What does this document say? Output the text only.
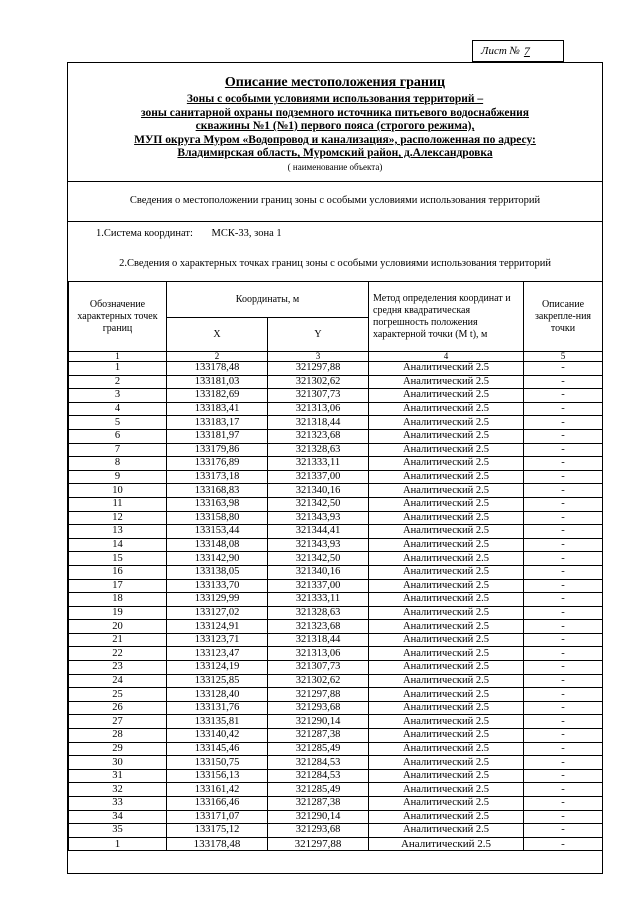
Лист № 7
Описание местоположения границ
Зоны с особыми условиями использования территорий –
зоны санитарной охраны подземного источника питьевого водоснабжения
скважины №1 (№1) первого пояса (строгого режима),
МУП округа Муром «Водопровод и канализация», расположенная по адресу:
Владимирская область, Муромский район, д.Александровка
( наименование объекта)
Сведения о местоположении границ зоны с особыми условиями использования территорий
1.Система координат: МСК-33, зона 1
2.Сведения о характерных точках границ зоны с особыми условиями использования территорий
Обозначение характерных точек границ	Координаты, м		Метод определения координат и средня квадратическая погрешность положения характерной точки (М t), м	Описание закрепле-ния точки
	X	Y		
1	2	3	4	5
1	133178,48	321297,88	Аналитический 2.5	-
2	133181,03	321302,62	Аналитический 2.5	-
3	133182,69	321307,73	Аналитический 2.5	-
4	133183,41	321313,06	Аналитический 2.5	-
5	133183,17	321318,44	Аналитический 2.5	-
6	133181,97	321323,68	Аналитический 2.5	-
7	133179,86	321328,63	Аналитический 2.5	-
8	133176,89	321333,11	Аналитический 2.5	-
9	133173,18	321337,00	Аналитический 2.5	-
10	133168,83	321340,16	Аналитический 2.5	-
11	133163,98	321342,50	Аналитический 2.5	-
12	133158,80	321343,93	Аналитический 2.5	-
13	133153,44	321344,41	Аналитический 2.5	-
14	133148,08	321343,93	Аналитический 2.5	-
15	133142,90	321342,50	Аналитический 2.5	-
16	133138,05	321340,16	Аналитический 2.5	-
17	133133,70	321337,00	Аналитический 2.5	-
18	133129,99	321333,11	Аналитический 2.5	-
19	133127,02	321328,63	Аналитический 2.5	-
20	133124,91	321323,68	Аналитический 2.5	-
21	133123,71	321318,44	Аналитический 2.5	-
22	133123,47	321313,06	Аналитический 2.5	-
23	133124,19	321307,73	Аналитический 2.5	-
24	133125,85	321302,62	Аналитический 2.5	-
25	133128,40	321297,88	Аналитический 2.5	-
26	133131,76	321293,68	Аналитический 2.5	-
27	133135,81	321290,14	Аналитический 2.5	-
28	133140,42	321287,38	Аналитический 2.5	-
29	133145,46	321285,49	Аналитический 2.5	-
30	133150,75	321284,53	Аналитический 2.5	-
31	133156,13	321284,53	Аналитический 2.5	-
32	133161,42	321285,49	Аналитический 2.5	-
33	133166,46	321287,38	Аналитический 2.5	-
34	133171,07	321290,14	Аналитический 2.5	-
35	133175,12	321293,68	Аналитический 2.5	-
1	133178,48	321297,88	Аналитический 2.5	-
